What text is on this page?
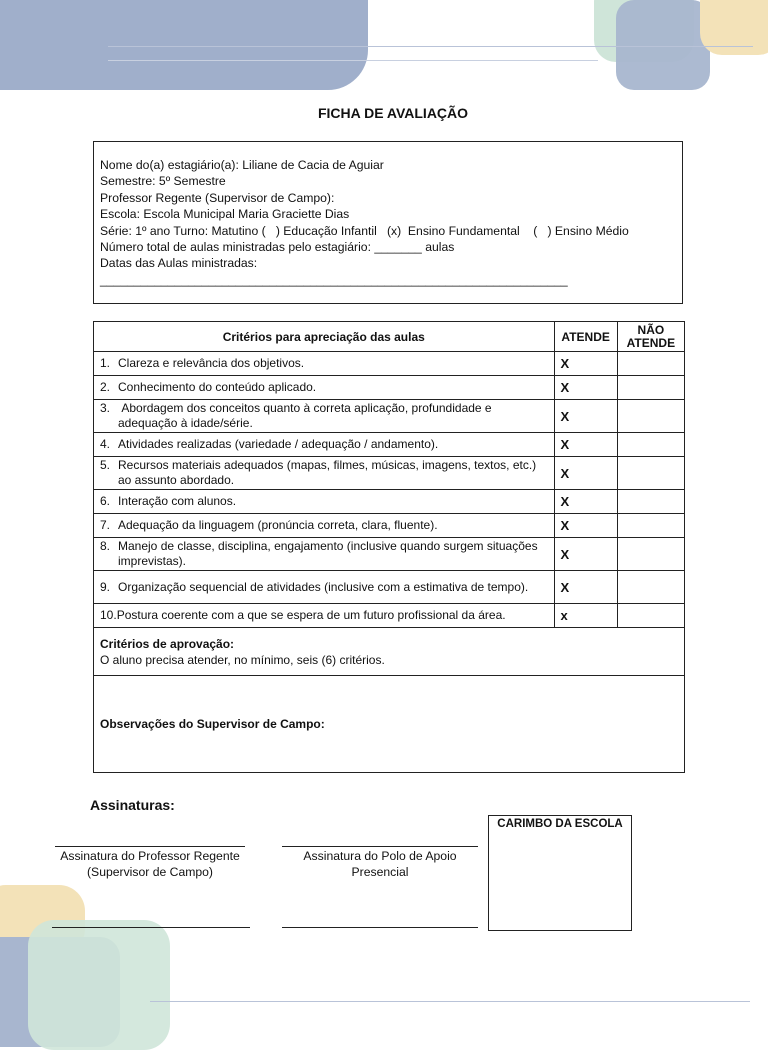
FICHA DE AVALIAÇÃO
Nome do(a) estagiário(a): Liliane de Cacia de Aguiar
Semestre: 5º Semestre
Professor Regente (Supervisor de Campo):
Escola: Escola Municipal Maria Graciette Dias
Série: 1º ano Turno: Matutino (   ) Educação Infantil   (x)  Ensino Fundamental    (   ) Ensino Médio
Número total de aulas ministradas pelo estagiário: _______ aulas
Datas das Aulas ministradas:
_____________________________________________________________________
Critérios para apreciação das aulas	ATENDE	NÃO ATENDE

1. Clareza e relevância dos objetivos.	X	

2. Conhecimento do conteúdo aplicado.	X	

3. Abordagem dos conceitos quanto à correta aplicação, profundidade e adequação à idade/série.	X	

4. Atividades realizadas (variedade / adequação / andamento).	X	

5. Recursos materiais adequados (mapas, filmes, músicas, imagens, textos, etc.) ao assunto abordado.	X	

6. Interação com alunos.	X	

7. Adequação da linguagem (pronúncia correta, clara, fluente).	X	

8. Manejo de classe, disciplina, engajamento (inclusive quando surgem situações imprevistas).	X	

9. Organização sequencial de atividades (inclusive com a estimativa de tempo).	X	

10. Postura coerente com a que se espera de um futuro profissional da área.	x	

Critérios de aprovação:
O aluno precisa atender, no mínimo, seis (6) critérios.		

Observações do Supervisor de Campo:		
Assinaturas:
Assinatura do Professor Regente (Supervisor de Campo)
Assinatura do Polo de Apoio Presencial
CARIMBO DA ESCOLA
